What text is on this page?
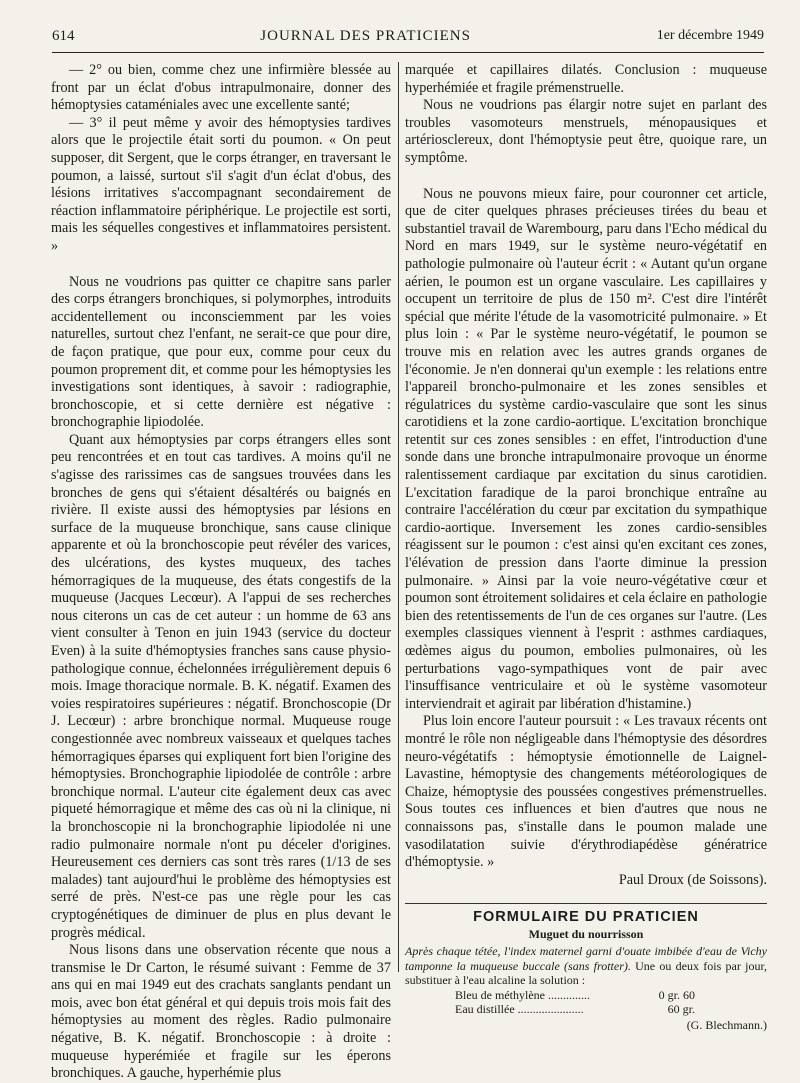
614	JOURNAL DES PRATICIENS	1er décembre 1949

— 2° ou bien, comme chez une infirmière blessée au front par un éclat d'obus intrapulmonaire, donner des hémoptysies cataméniales avec une excellente santé;

— 3° il peut même y avoir des hémoptysies tardives alors que le projectile était sorti du poumon. « On peut supposer, dit Sergent, que le corps étranger, en traversant le poumon, a laissé, surtout s'il s'agit d'un éclat d'obus, des lésions irritatives s'accompagnant secondairement de réaction inflammatoire périphérique. Le projectile est sorti, mais les séquelles congestives et inflammatoires persistent. »

Nous ne voudrions pas quitter ce chapitre sans parler des corps étrangers bronchiques, si polymorphes, introduits accidentellement ou inconsciemment par les voies naturelles, surtout chez l'enfant, ne serait-ce que pour dire, de façon pratique, que pour eux, comme pour ceux du poumon proprement dit, et comme pour les hémoptysies les investigations sont identiques, à savoir : radiographie, bronchoscopie, et si cette dernière est négative : bronchographie lipiodolée.

Quant aux hémoptysies par corps étrangers elles sont peu rencontrées et en tout cas tardives. A moins qu'il ne s'agisse des rarissimes cas de sangsues trouvées dans les bronches de gens qui s'étaient désaltérés ou baignés en rivière. Il existe aussi des hémoptysies par lésions en surface de la muqueuse bronchique, sans cause clinique apparente et où la bronchoscopie peut révéler des varices, des ulcérations, des kystes muqueux, des taches hémorragiques de la muqueuse, des états congestifs de la muqueuse (Jacques Lecœur). A l'appui de ses recherches nous citerons un cas de cet auteur : un homme de 63 ans vient consulter à Tenon en juin 1943 (service du docteur Even) à la suite d'hémoptysies franches sans cause physio-pathologique connue, échelonnées irrégulièrement depuis 6 mois. Image thoracique normale. B. K. négatif. Examen des voies respiratoires supérieures : négatif. Bronchoscopie (Dr J. Lecœur) : arbre bronchique normal. Muqueuse rouge congestionnée avec nombreux vaisseaux et quelques taches hémorragiques éparses qui expliquent fort bien l'origine des hémoptysies. Bronchographie lipiodolée de contrôle : arbre bronchique normal. L'auteur cite également deux cas avec piqueté hémorragique et même des cas où ni la clinique, ni la bronchoscopie ni la bronchographie lipiodolée ni une radio pulmonaire normale n'ont pu déceler d'origines. Heureusement ces derniers cas sont très rares (1/13 de ses malades) tant aujourd'hui le problème des hémoptysies est serré de près. N'est-ce pas une règle pour les cas cryptogénétiques de diminuer de plus en plus devant le progrès médical.

Nous lisons dans une observation récente que nous a transmise le Dr Carton, le résumé suivant : Femme de 37 ans qui en mai 1949 eut des crachats sanglants pendant un mois, avec bon état général et qui depuis trois mois fait des hémoptysies au moment des règles. Radio pulmonaire négative, B. K. négatif. Bronchoscopie : à droite : muqueuse hyperémiée et fragile sur les éperons bronchiques. A gauche, hyperhémie plus

marquée et capillaires dilatés. Conclusion : muqueuse hyperhémiée et fragile prémenstruelle.

Nous ne voudrions pas élargir notre sujet en parlant des troubles vasomoteurs menstruels, ménopausiques et artériosclereux, dont l'hémoptysie peut être, quoique rare, un symptôme.

Nous ne pouvons mieux faire, pour couronner cet article, que de citer quelques phrases précieuses tirées du beau et substantiel travail de Warembourg, paru dans l'Echo médical du Nord en mars 1949, sur le système neuro-végétatif en pathologie pulmonaire où l'auteur écrit : « Autant qu'un organe aérien, le poumon est un organe vasculaire. Les capillaires y occupent un territoire de plus de 150 m². C'est dire l'intérêt spécial que mérite l'étude de la vasomotricité pulmonaire. » Et plus loin : « Par le système neuro-végétatif, le poumon se trouve mis en relation avec les autres grands organes de l'économie. Je n'en donnerai qu'un exemple : les relations entre l'appareil broncho-pulmonaire et les zones sensibles et régulatrices du système cardio-vasculaire que sont les sinus carotidiens et la zone cardio-aortique. L'excitation bronchique retentit sur ces zones sensibles : en effet, l'introduction d'une sonde dans une bronche intrapulmonaire provoque un énorme ralentissement cardiaque par excitation du sinus carotidien. L'excitation faradique de la paroi bronchique entraîne au contraire l'accélération du cœur par excitation du sympathique cardio-aortique. Inversement les zones cardio-sensibles réagissent sur le poumon : c'est ainsi qu'en excitant ces zones, l'élévation de pression dans l'aorte diminue la pression pulmonaire. » Ainsi par la voie neuro-végétative cœur et poumon sont étroitement solidaires et cela éclaire en pathologie bien des retentissements de l'un de ces organes sur l'autre. (Les exemples classiques viennent à l'esprit : asthmes cardiaques, œdèmes aigus du poumon, embolies pulmonaires, où les perturbations vago-sympathiques vont de pair avec l'insuffisance ventriculaire et où le système vasomoteur interviendrait et agirait par libération d'histamine.)

Plus loin encore l'auteur poursuit : « Les travaux récents ont montré le rôle non négligeable dans l'hémoptysie des désordres neuro-végétatifs : hémoptysie émotionnelle de Laignel-Lavastine, hémoptysie des changements météorologiques de Chaize, hémoptysie des poussées congestives prémenstruelles. Sous toutes ces influences et bien d'autres que nous ne connaissons pas, s'installe dans le poumon malade une vasodilatation suivie d'érythrodiapédèse génératrice d'hémoptysie. »

Paul Droux (de Soissons).

FORMULAIRE DU PRATICIEN
Muguet du nourrisson
Après chaque tétée, l'index maternel garni d'ouate imbibée d'eau de Vichy tamponne la muqueuse buccale (sans frotter). Une ou deux fois par jour, substituer à l'eau alcaline la solution :
Bleu de méthylène ..............	0 gr. 60
Eau distillée ......................	60 gr.
(G. Blechmann.)
